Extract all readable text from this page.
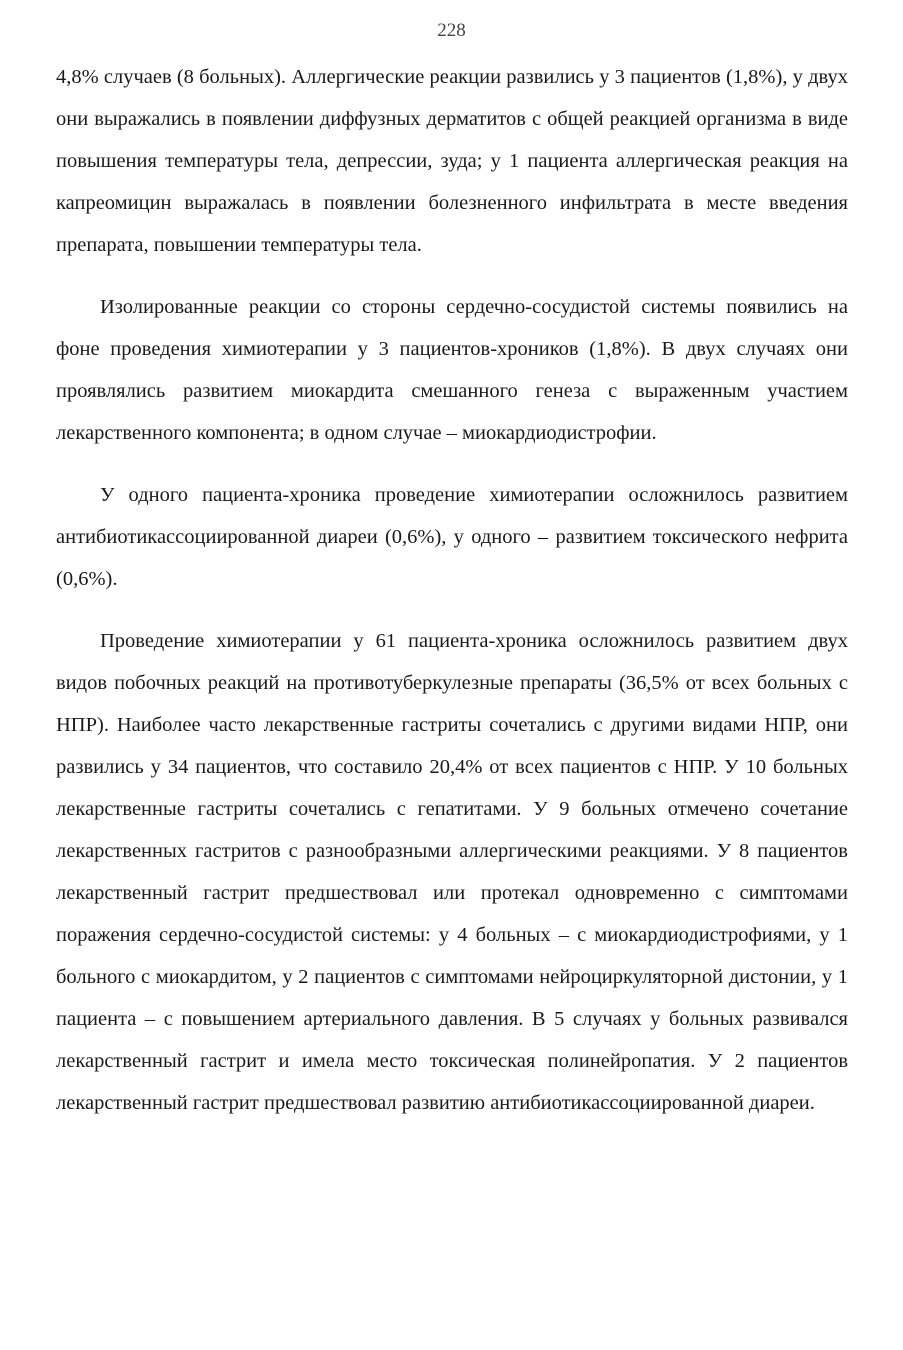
228

4,8% случаев (8 больных). Аллергические реакции развились у 3 пациентов (1,8%), у двух они выражались в появлении диффузных дерматитов с общей реакцией организма в виде повышения температуры тела, депрессии, зуда; у 1 пациента аллергическая реакция на капреомицин выражалась в появлении болезненного инфильтрата в месте введения препарата, повышении температуры тела.

Изолированные реакции со стороны сердечно-сосудистой системы появились на фоне проведения химиотерапии у 3 пациентов-хроников (1,8%). В двух случаях они проявлялись развитием миокардита смешанного генеза с выраженным участием лекарственного компонента; в одном случае – миокардиодистрофии.

У одного пациента-хроника проведение химиотерапии осложнилось развитием антибиотикассоциированной диареи (0,6%), у одного – развитием токсического нефрита (0,6%).

Проведение химиотерапии у 61 пациента-хроника осложнилось развитием двух видов побочных реакций на противотуберкулезные препараты (36,5% от всех больных с НПР). Наиболее часто лекарственные гастриты сочетались с другими видами НПР, они развились у 34 пациентов, что составило 20,4% от всех пациентов с НПР. У 10 больных лекарственные гастриты сочетались с гепатитами. У 9 больных отмечено сочетание лекарственных гастритов с разнообразными аллергическими реакциями. У 8 пациентов лекарственный гастрит предшествовал или протекал одновременно с симптомами поражения сердечно-сосудистой системы: у 4 больных – с миокардиодистрофиями, у 1 больного с миокардитом, у 2 пациентов с симптомами нейроциркуляторной дистонии, у 1 пациента – с повышением артериального давления. В 5 случаях у больных развивался лекарственный гастрит и имела место токсическая полинейропатия. У 2 пациентов лекарственный гастрит предшествовал развитию антибиотикассоциированной диареи.
